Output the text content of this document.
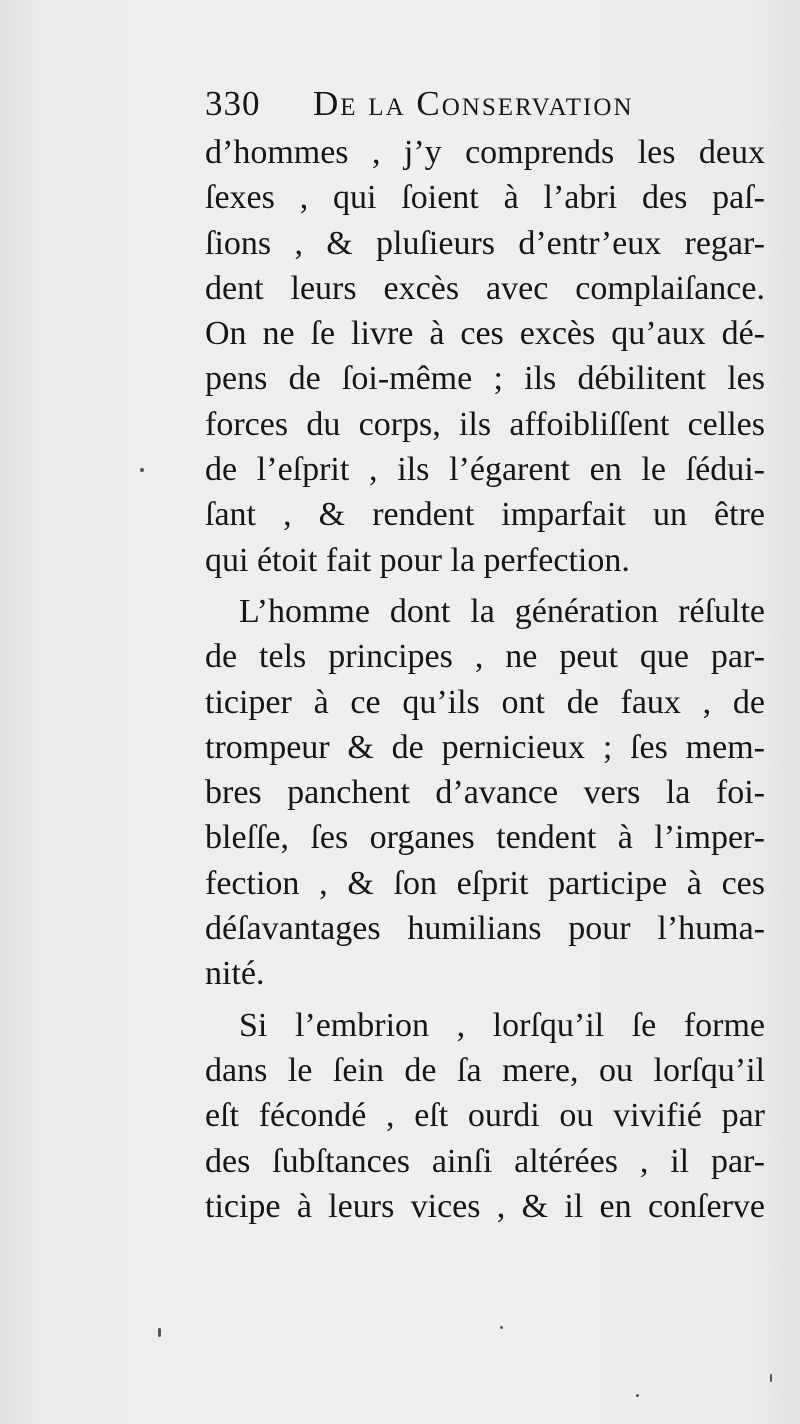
330 De la Conservation
d’hommes , j’y comprends les deux
ſexes , qui ſoient à l’abri des paſ-
ſions , & pluſieurs d’entr’eux regar-
dent leurs excès avec complaiſance.
On ne ſe livre à ces excès qu’aux dé-
pens de ſoi-même ; ils débilitent les
forces du corps, ils affoibliſſent celles
de l’eſprit , ils l’égarent en le ſédui-
ſant , & rendent imparfait un être
qui étoit fait pour la perfection.
L’homme dont la génération réſulte
de tels principes , ne peut que par-
ticiper à ce qu’ils ont de faux , de
trompeur & de pernicieux ; ſes mem-
bres panchent d’avance vers la foi-
bleſſe, ſes organes tendent à l’imper-
fection , & ſon eſprit participe à ces
déſavantages humilians pour l’huma-
nité.
Si l’embrion , lorſqu’il ſe forme
dans le ſein de ſa mere, ou lorſqu’il
eſt fécondé , eſt ourdi ou vivifié par
des ſubſtances ainſi altérées , il par-
ticipe à leurs vices , & il en conſerve
